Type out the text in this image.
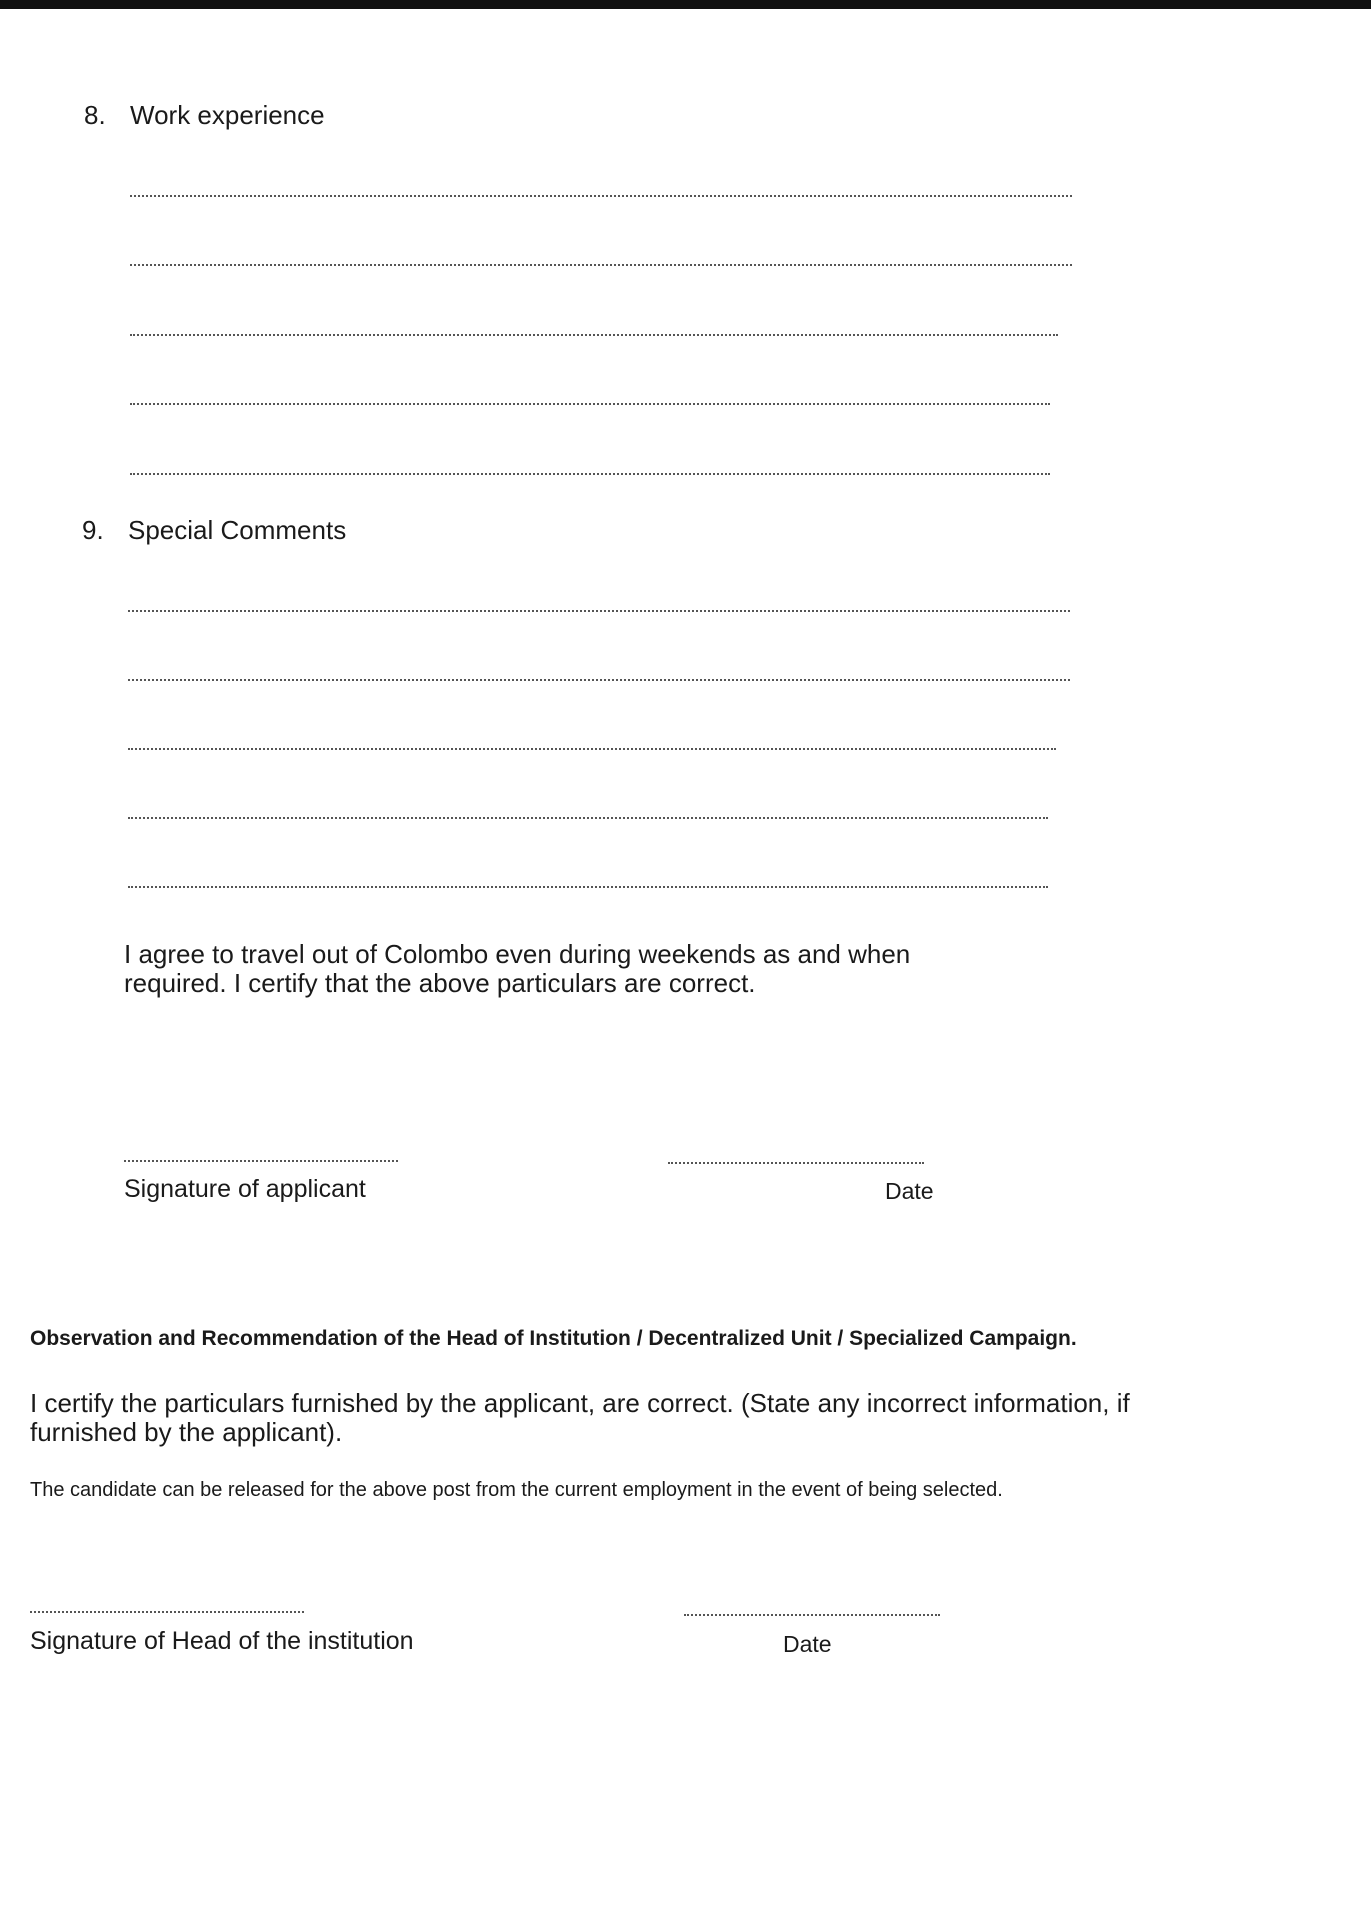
8. Work experience
9. Special Comments
I agree to travel out of Colombo even during weekends as and when required. I certify that the above particulars are correct.
Signature of applicant	Date
Observation and Recommendation of the Head of Institution / Decentralized Unit / Specialized Campaign.
I certify the particulars furnished by the applicant, are correct. (State any incorrect information, if furnished by the applicant).
The candidate can be released for the above post from the current employment in the event of being selected.
Signature of Head of the institution	Date
